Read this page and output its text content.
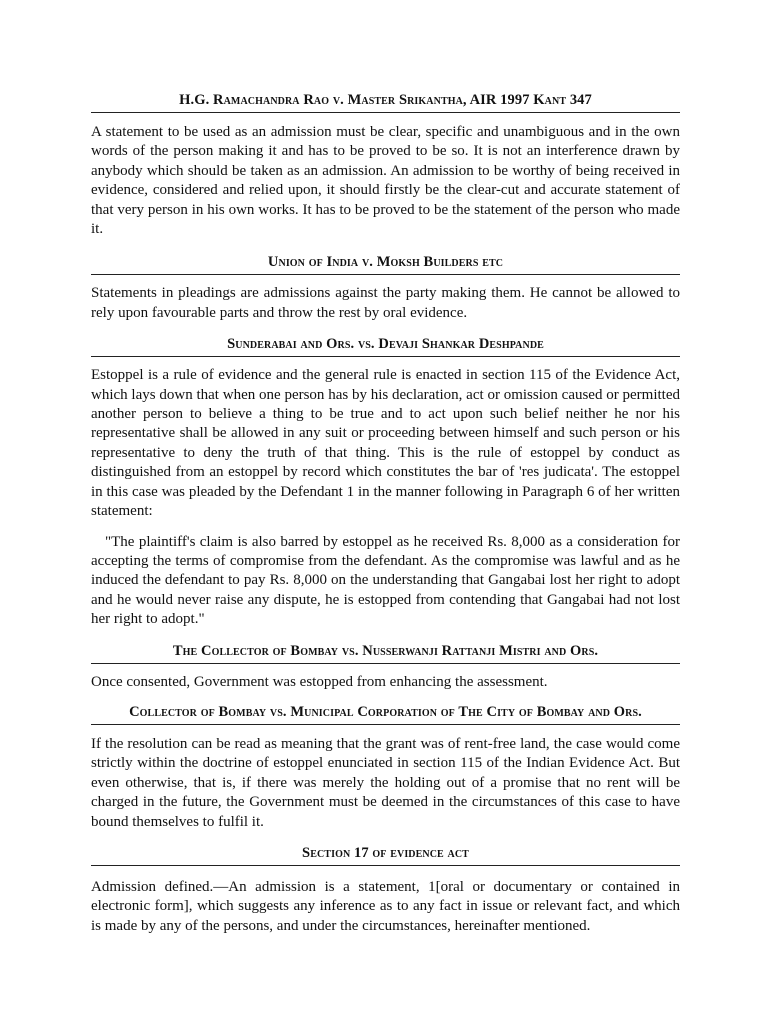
H.G. Ramachandra Rao v. Master Srikantha, AIR 1997 Kant 347

A statement to be used as an admission must be clear, specific and unambiguous and in the own words of the person making it and has to be proved to be so. It is not an interference drawn by anybody which should be taken as an admission. An admission to be worthy of being received in evidence, considered and relied upon, it should firstly be the clear-cut and accurate statement of that very person in his own works. It has to be proved to be the statement of the person who made it.

Union of India v. Moksh Builders etc

Statements in pleadings are admissions against the party making them. He cannot be allowed to rely upon favourable parts and throw the rest by oral evidence.

Sunderabai and Ors. vs. Devaji Shankar Deshpande

Estoppel is a rule of evidence and the general rule is enacted in section 115 of the Evidence Act, which lays down that when one person has by his declaration, act or omission caused or permitted another person to believe a thing to be true and to act upon such belief neither he nor his representative shall be allowed in any suit or proceeding between himself and such person or his representative to deny the truth of that thing. This is the rule of estoppel by conduct as distinguished from an estoppel by record which constitutes the bar of 'res judicata'. The estoppel in this case was pleaded by the Defendant 1 in the manner following in Paragraph 6 of her written statement:

"The plaintiff's claim is also barred by estoppel as he received Rs. 8,000 as a consideration for accepting the terms of compromise from the defendant. As the compromise was lawful and as he induced the defendant to pay Rs. 8,000 on the understanding that Gangabai lost her right to adopt and he would never raise any dispute, he is estopped from contending that Gangabai had not lost her right to adopt."

The Collector of Bombay vs. Nusserwanji Rattanji Mistri and Ors.

Once consented, Government was estopped from enhancing the assessment.

Collector of Bombay vs. Municipal Corporation of The City of Bombay and Ors.

If the resolution can be read as meaning that the grant was of rent-free land, the case would come strictly within the doctrine of estoppel enunciated in section 115 of the Indian Evidence Act. But even otherwise, that is, if there was merely the holding out of a promise that no rent will be charged in the future, the Government must be deemed in the circumstances of this case to have bound themselves to fulfil it.

Section 17 of evidence act

Admission defined.—An admission is a statement, 1[oral or documentary or contained in electronic form], which suggests any inference as to any fact in issue or relevant fact, and which is made by any of the persons, and under the circumstances, hereinafter mentioned.
